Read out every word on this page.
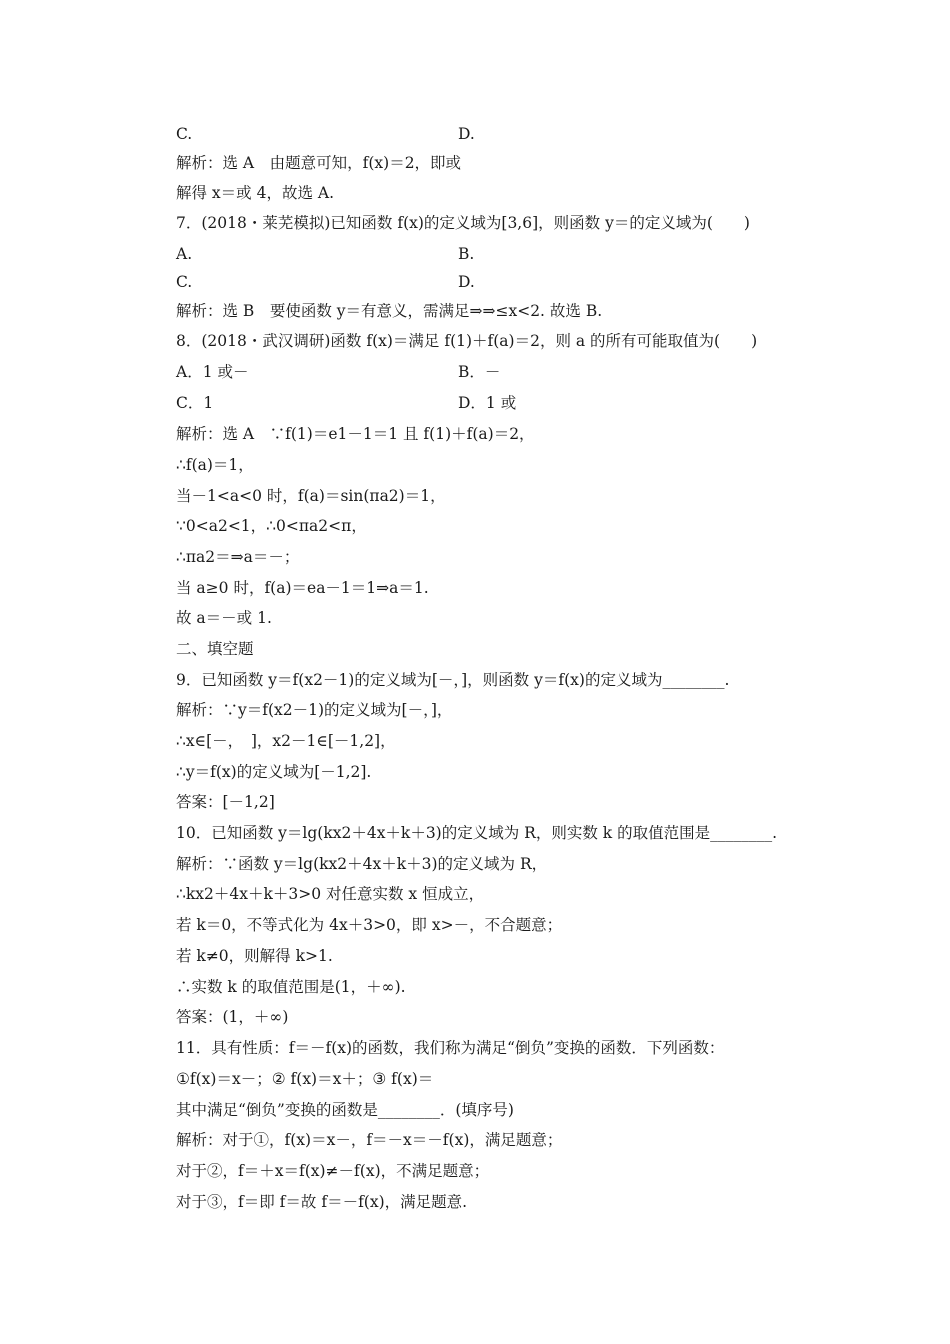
C.	D.
解析：选 A　由题意可知，f(x)＝2，即或
解得 x＝或 4，故选 A.
7．(2018・莱芜模拟)已知函数 f(x)的定义域为[3,6]，则函数 y＝的定义域为(　　)
A.	B.
C.	D.
解析：选 B　要使函数 y＝有意义，需满足⇒⇒≤x<2. 故选 B.
8．(2018・武汉调研)函数 f(x)＝满足 f(1)＋f(a)＝2，则 a 的所有可能取值为(　　)
A．1 或－	B．－
C．1	D．1 或
解析：选 A　∵f(1)＝e1－1＝1 且 f(1)＋f(a)＝2，
∴f(a)＝1，
当－1<a<0 时，f(a)＝sin(πa2)＝1，
∵0<a2<1，∴0<πa2<π，
∴πa2＝⇒a＝－；
当 a≥0 时，f(a)＝ea－1＝1⇒a＝1.
故 a＝－或 1.
二、填空题
9．已知函数 y＝f(x2－1)的定义域为[－，]，则函数 y＝f(x)的定义域为________.
解析：∵y＝f(x2－1)的定义域为[－，]，
∴x∈[－，　]，x2－1∈[－1,2]，
∴y＝f(x)的定义域为[－1,2].
答案：[－1,2]
10．已知函数 y＝lg(kx2＋4x＋k＋3)的定义域为 R，则实数 k 的取值范围是________.
解析：∵函数 y＝lg(kx2＋4x＋k＋3)的定义域为 R，
∴kx2＋4x＋k＋3>0 对任意实数 x 恒成立，
若 k＝0，不等式化为 4x＋3>0，即 x>－，不合题意；
若 k≠0，则解得 k>1.
∴实数 k 的取值范围是(1，＋∞).
答案：(1，＋∞)
11．具有性质：f＝－f(x)的函数，我们称为满足“倒负”变换的函数．下列函数：
①f(x)＝x－；② f(x)＝x＋；③ f(x)＝
其中满足“倒负”变换的函数是________．(填序号)
解析：对于①，f(x)＝x－，f＝－x＝－f(x)，满足题意；
对于②，f＝＋x＝f(x)≠－f(x)，不满足题意；
对于③，f＝即 f＝故 f＝－f(x)，满足题意.
